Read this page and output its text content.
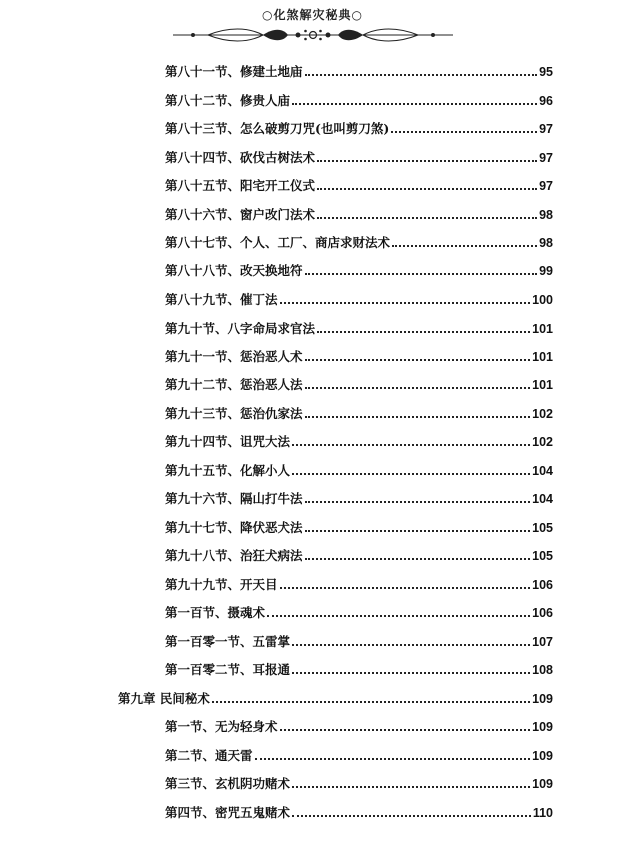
○化煞解灾秘典○
第八十一节、修建土地庙	95
第八十二节、修贵人庙	96
第八十三节、怎么破剪刀咒(也叫剪刀煞)	97
第八十四节、砍伐古树法术	97
第八十五节、阳宅开工仪式	97
第八十六节、窗户改门法术	98
第八十七节、个人、工厂、商店求财法术	98
第八十八节、改天换地符	99
第八十九节、催丁法	100
第九十节、八字命局求官法	101
第九十一节、惩治恶人术	101
第九十二节、惩治恶人法	101
第九十三节、惩治仇家法	102
第九十四节、诅咒大法	102
第九十五节、化解小人	104
第九十六节、隔山打牛法	104
第九十七节、降伏恶犬法	105
第九十八节、治狂犬病法	105
第九十九节、开天目	106
第一百节、摄魂术	106
第一百零一节、五雷掌	107
第一百零二节、耳报通	108
第九章 民间秘术	109
第一节、无为轻身术	109
第二节、通天雷	109
第三节、玄机阴功赌术	109
第四节、密咒五鬼赌术	110
